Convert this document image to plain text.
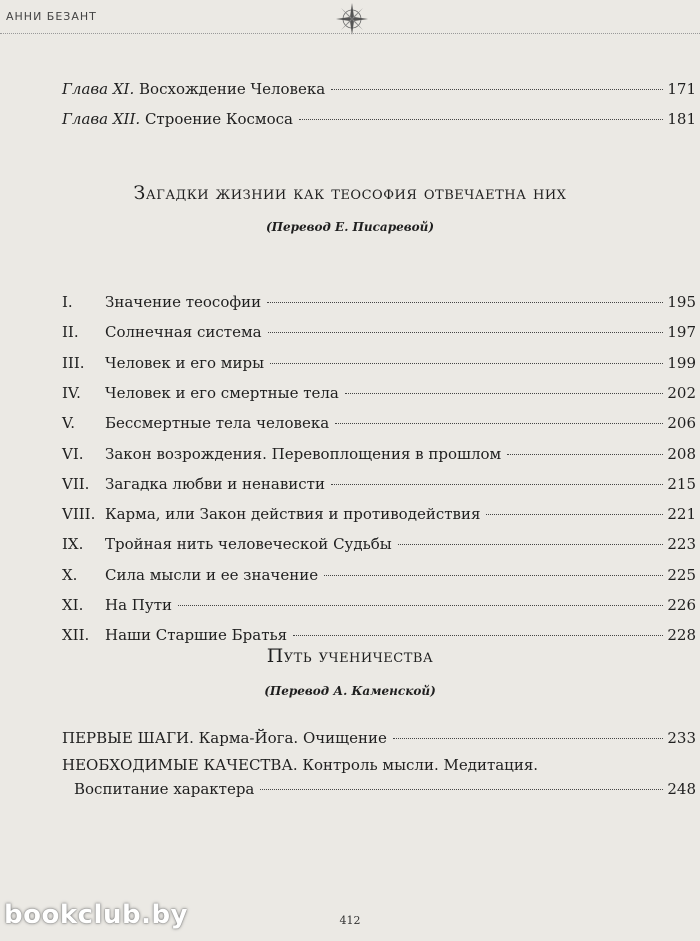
АННИ БЕЗАНТ
Глава XI. Восхождение Человека	171
Глава XII. Строение Космоса	181
Загадки жизнии как теософия отвечаетна них
(Перевод Е. Писаревой)
I.	Значение теософии	195
II.	Солнечная система	197
III.	Человек и его миры	199
IV.	Человек и его смертные тела	202
V.	Бессмертные тела человека	206
VI.	Закон возрождения. Перевоплощения в прошлом	208
VII.	Загадка любви и ненависти	215
VIII. Карма, или Закон действия и противодействия	221
IX.	Тройная нить человеческой Судьбы	223
X.	Сила мысли и ее значение	225
XI.	На Пути	226
XII.	Наши Старшие Братья	228
Путь ученичества
(Перевод А. Каменской)
ПЕРВЫЕ ШАГИ. Карма-Йога. Очищение	233
НЕОБХОДИМЫЕ КАЧЕСТВА. Контроль мысли. Медитация.
Воспитание характера	248
412
bookclub.by
